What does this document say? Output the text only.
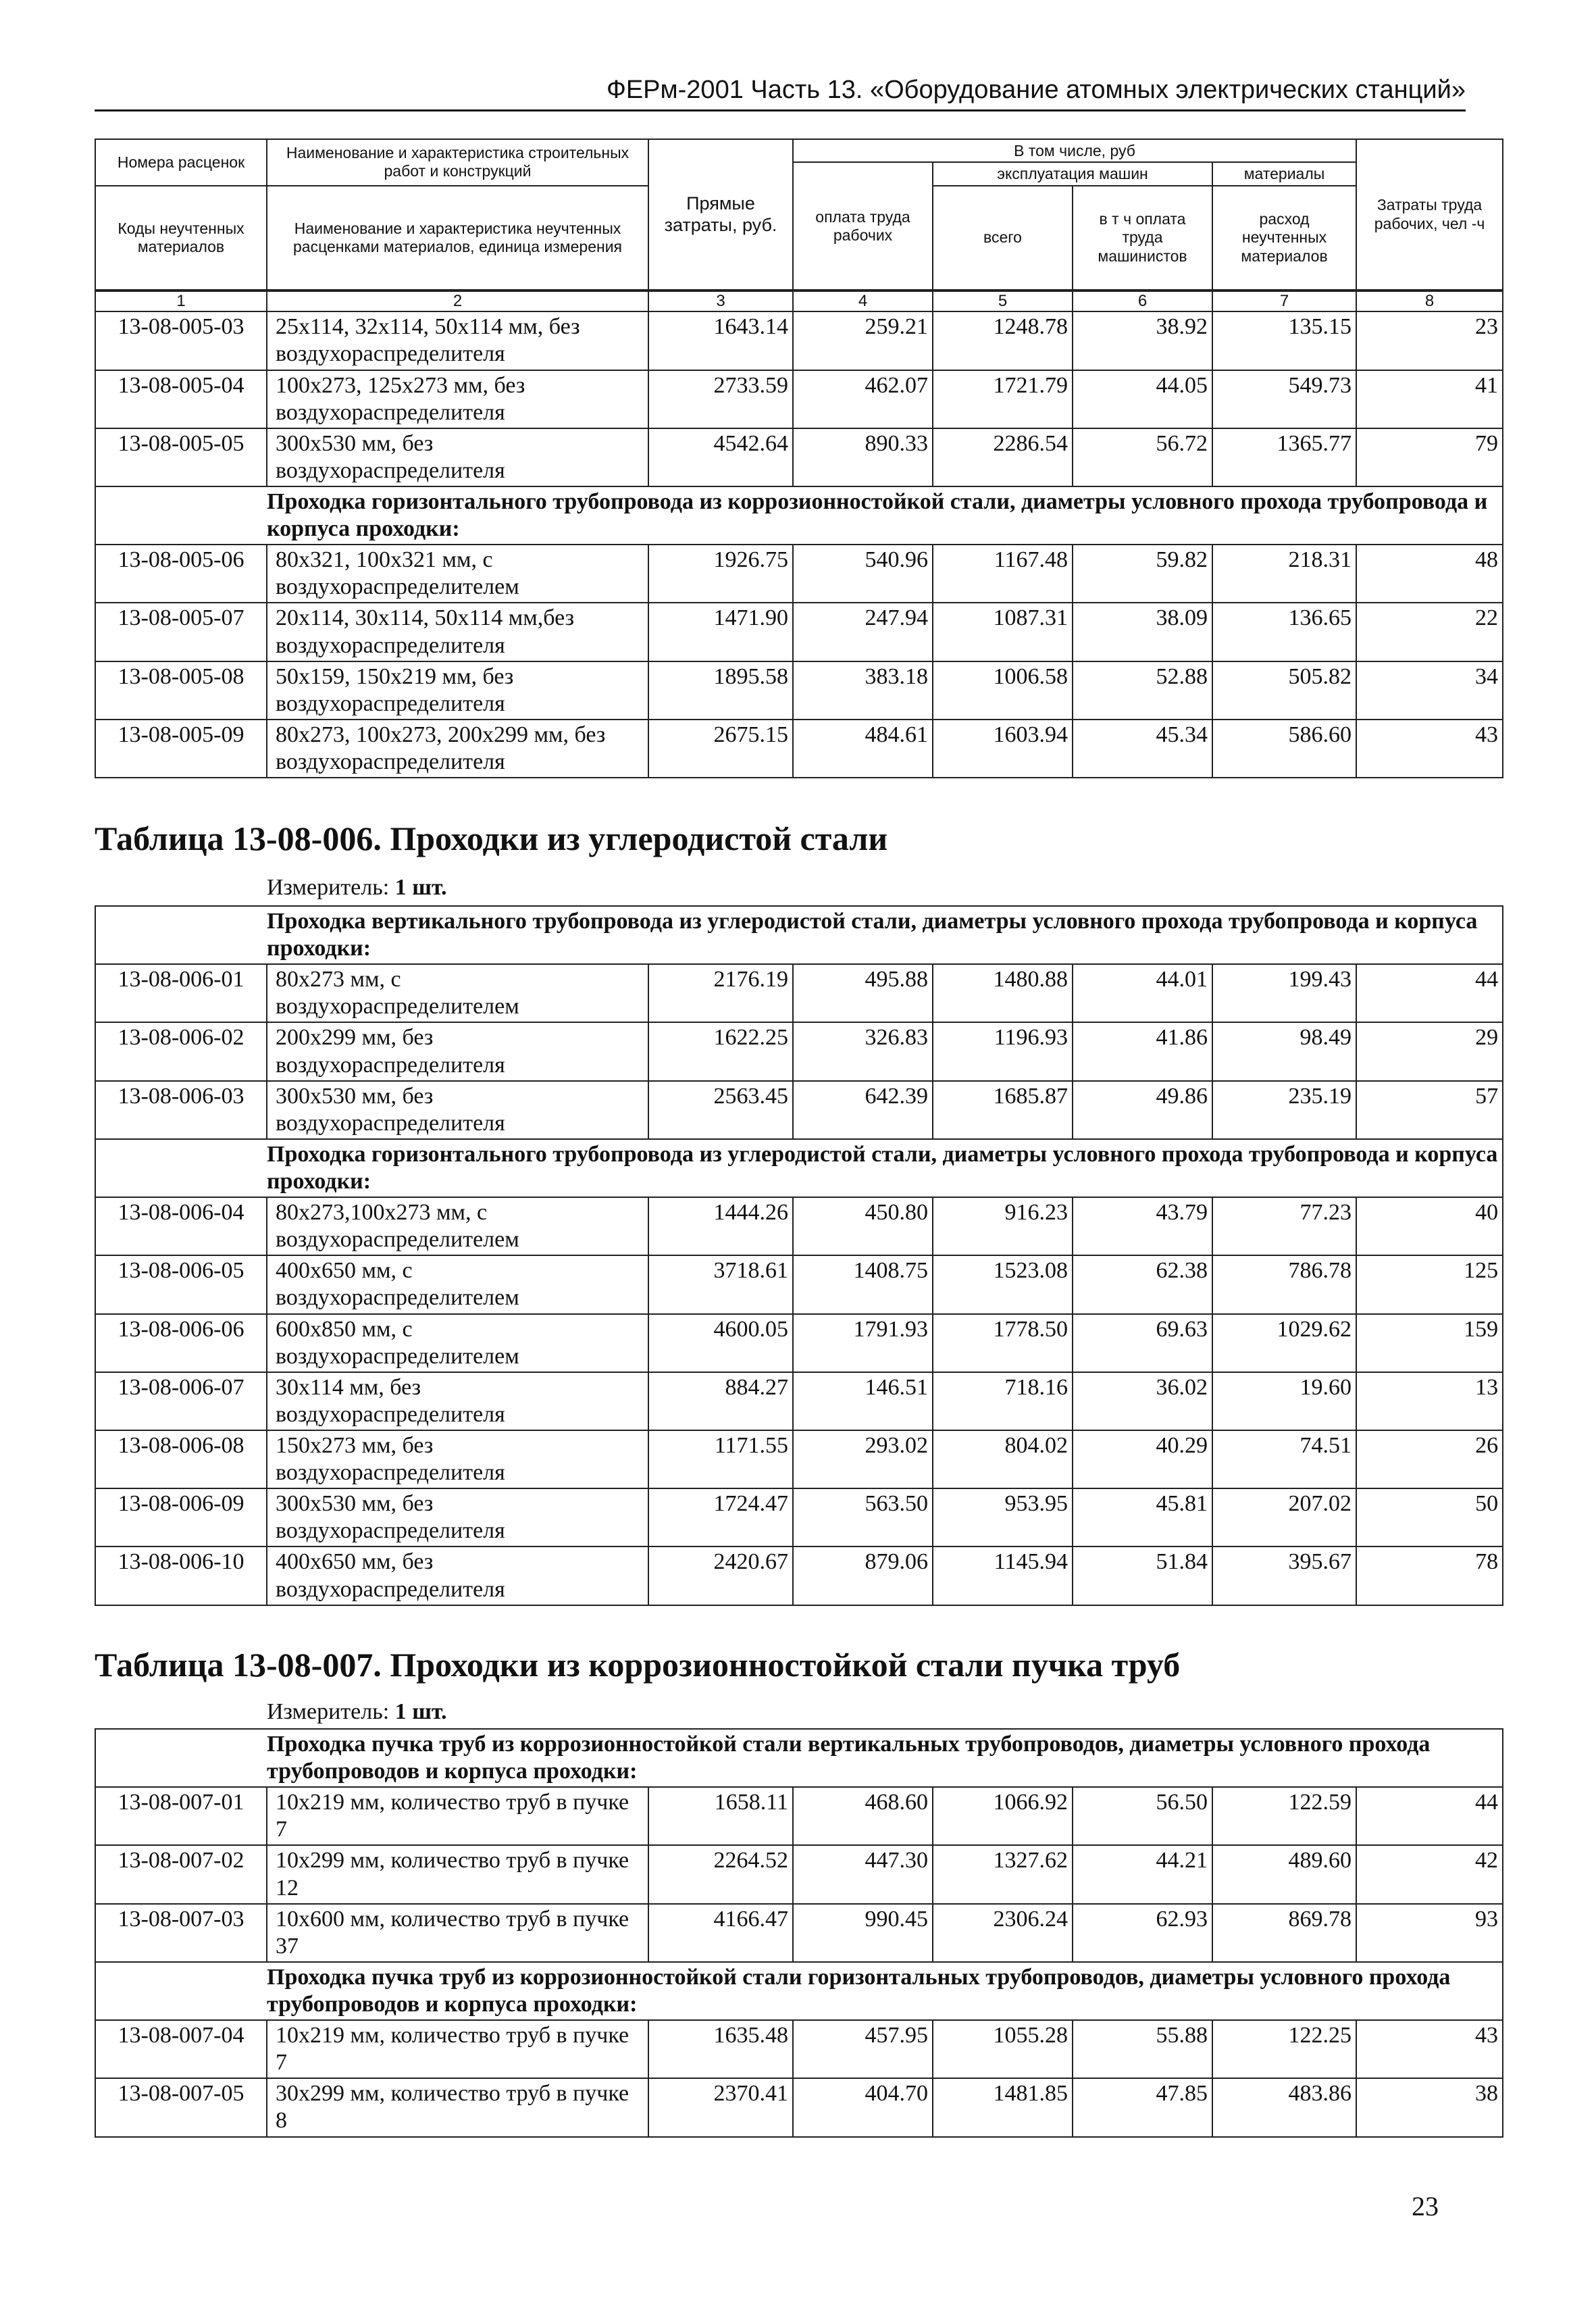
ФЕРм-2001 Часть 13. «Оборудование атомных электрических станций»
Номера расценок	Наименование и характеристика строительных работ и конструкций	Прямые затраты, руб.	В том числе, руб				Затраты труда рабочих, чел -ч
			оплата труда рабочих	эксплуатация машин		материалы	
Коды неучтенных материалов	Наименование и характеристика неучтенных расценками материалов, единица измерения			всего	в т ч оплата труда машинистов	расход неучтенных материалов	

1	2	3	4	5	6	7	8
13-08-005-03	25x114, 32x114, 50x114 мм, без воздухораспределителя	1643.14	259.21	1248.78	38.92	135.15	23
13-08-005-04	100x273, 125x273 мм, без воздухораспределителя	2733.59	462.07	1721.79	44.05	549.73	41
13-08-005-05	300x530 мм, без воздухораспределителя	4542.64	890.33	2286.54	56.72	1365.77	79
	Проходка горизонтального трубопровода из коррозионностойкой стали, диаметры условного прохода трубопровода и корпуса проходки:						
13-08-005-06	80x321, 100x321 мм, с воздухораспределителем	1926.75	540.96	1167.48	59.82	218.31	48
13-08-005-07	20x114, 30x114, 50x114 мм,без воздухораспределителя	1471.90	247.94	1087.31	38.09	136.65	22
13-08-005-08	50x159, 150x219 мм, без воздухораспределителя	1895.58	383.18	1006.58	52.88	505.82	34
13-08-005-09	80x273, 100x273, 200x299 мм, без воздухораспределителя	2675.15	484.61	1603.94	45.34	586.60	43
Таблица 13-08-006. Проходки из углеродистой стали
Измеритель: 1 шт.
	Проходка вертикального трубопровода из углеродистой стали, диаметры условного прохода трубопровода и корпуса проходки:						
13-08-006-01	80x273 мм, с воздухораспределителем	2176.19	495.88	1480.88	44.01	199.43	44
13-08-006-02	200x299 мм, без воздухораспределителя	1622.25	326.83	1196.93	41.86	98.49	29
13-08-006-03	300x530 мм, без воздухораспределителя	2563.45	642.39	1685.87	49.86	235.19	57
	Проходка горизонтального трубопровода из углеродистой стали, диаметры условного прохода трубопровода и корпуса проходки:						
13-08-006-04	80x273,100x273 мм, с воздухораспределителем	1444.26	450.80	916.23	43.79	77.23	40
13-08-006-05	400x650 мм, с воздухораспределителем	3718.61	1408.75	1523.08	62.38	786.78	125
13-08-006-06	600x850 мм, с воздухораспределителем	4600.05	1791.93	1778.50	69.63	1029.62	159
13-08-006-07	30x114 мм, без воздухораспределителя	884.27	146.51	718.16	36.02	19.60	13
13-08-006-08	150x273 мм, без воздухораспределителя	1171.55	293.02	804.02	40.29	74.51	26
13-08-006-09	300x530 мм, без воздухораспределителя	1724.47	563.50	953.95	45.81	207.02	50
13-08-006-10	400x650 мм, без воздухораспределителя	2420.67	879.06	1145.94	51.84	395.67	78
Таблица 13-08-007. Проходки из коррозионностойкой стали пучка труб
Измеритель: 1 шт.
	Проходка пучка труб из коррозионностойкой стали вертикальных трубопроводов, диаметры условного прохода трубопроводов и корпуса проходки:						
13-08-007-01	10x219 мм, количество труб в пучке 7	1658.11	468.60	1066.92	56.50	122.59	44
13-08-007-02	10x299 мм, количество труб в пучке 12	2264.52	447.30	1327.62	44.21	489.60	42
13-08-007-03	10x600 мм, количество труб в пучке 37	4166.47	990.45	2306.24	62.93	869.78	93
	Проходка пучка труб из коррозионностойкой стали горизонтальных трубопроводов, диаметры условного прохода трубопроводов и корпуса проходки:						
13-08-007-04	10x219 мм, количество труб в пучке 7	1635.48	457.95	1055.28	55.88	122.25	43
13-08-007-05	30x299 мм, количество труб в пучке 8	2370.41	404.70	1481.85	47.85	483.86	38
23
